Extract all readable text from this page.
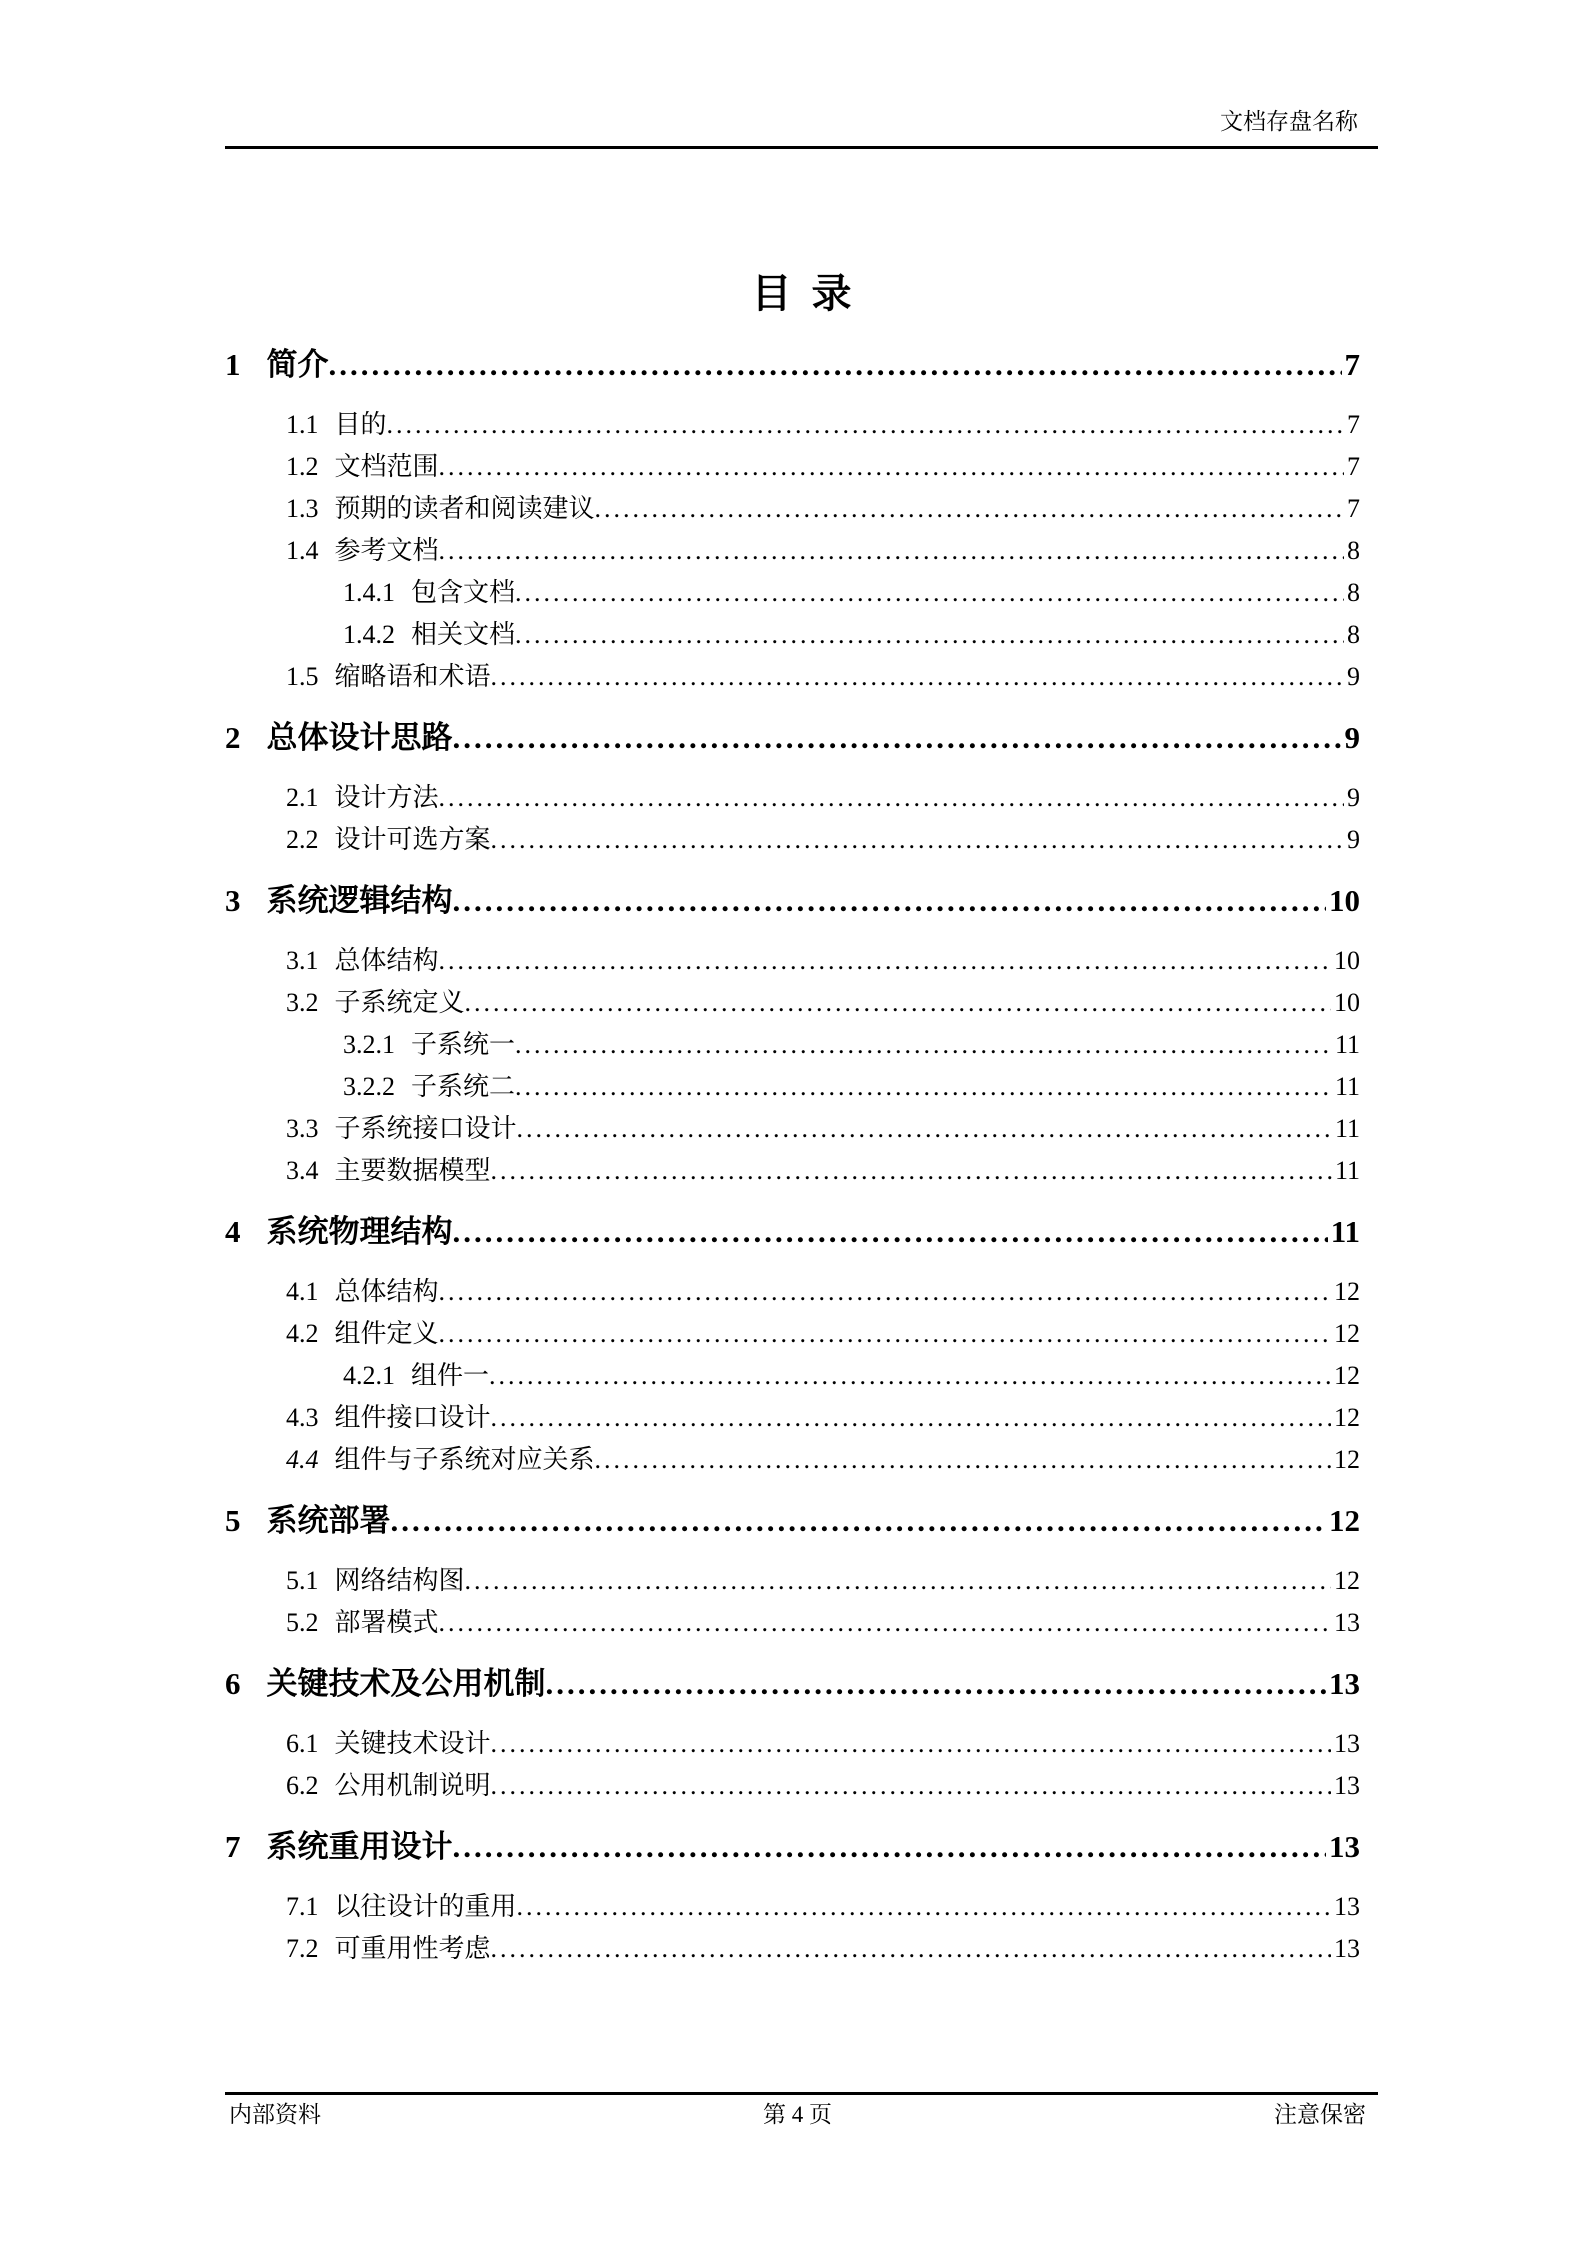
文档存盘名称
目  录
1 简介 .....	7
1.1 目的 .....	7
1.2 文档范围 .....	7
1.3 预期的读者和阅读建议 .....	7
1.4 参考文档 .....	8
1.4.1 包含文档 .....	8
1.4.2 相关文档 .....	8
1.5 缩略语和术语 .....	9
2 总体设计思路 .....	9
2.1 设计方法 .....	9
2.2 设计可选方案 .....	9
3 系统逻辑结构 .....	10
3.1 总体结构 .....	10
3.2 子系统定义 .....	10
3.2.1 子系统一 .....	11
3.2.2 子系统二 .....	11
3.3 子系统接口设计 .....	11
3.4 主要数据模型 .....	11
4 系统物理结构 .....	11
4.1 总体结构 .....	12
4.2 组件定义 .....	12
4.2.1 组件一 .....	12
4.3 组件接口设计 .....	12
4.4 组件与子系统对应关系 .....	12
5 系统部署 .....	12
5.1 网络结构图 .....	12
5.2 部署模式 .....	13
6 关键技术及公用机制 .....	13
6.1 关键技术设计 .....	13
6.2 公用机制说明 .....	13
7 系统重用设计 .....	13
7.1 以往设计的重用 .....	13
7.2 可重用性考虑 .....	13
内部资料	第 4 页	注意保密
